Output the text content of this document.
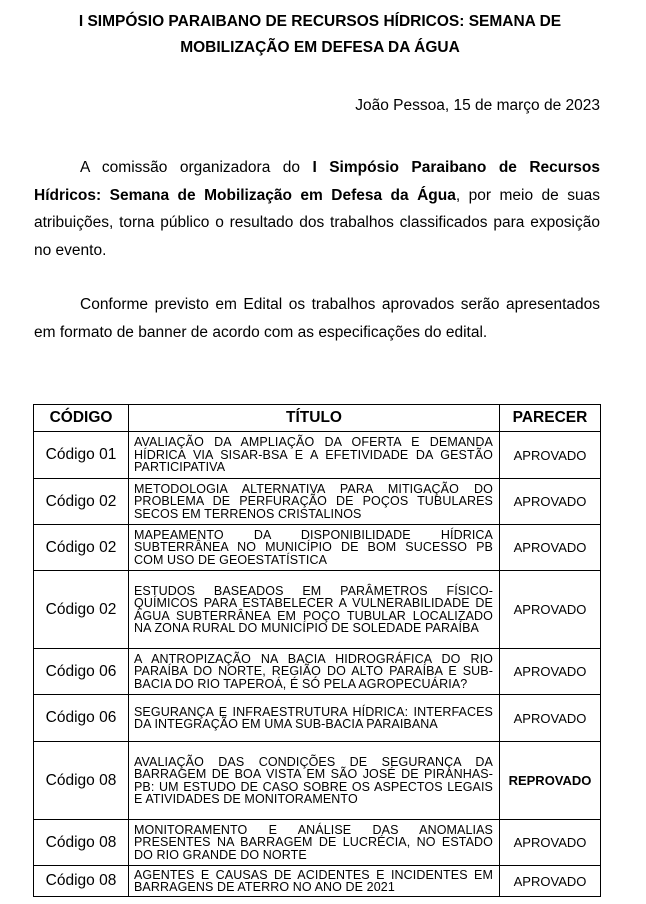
I SIMPÓSIO PARAIBANO DE RECURSOS HÍDRICOS: SEMANA DE
MOBILIZAÇÃO EM DEFESA DA ÁGUA
João Pessoa, 15 de março de 2023

A comissão organizadora do I Simpósio Paraibano de Recursos Hídricos: Semana de Mobilização em Defesa da Água, por meio de suas atribuições, torna público o resultado dos trabalhos classificados para exposição no evento.

Conforme previsto em Edital os trabalhos aprovados serão apresentados em formato de banner de acordo com as especificações do edital.

CÓDIGO	TÍTULO	PARECER
Código 01	AVALIAÇÃO DA AMPLIAÇÃO DA OFERTA E DEMANDA HÍDRICA VIA SISAR-BSA E A EFETIVIDADE DA GESTÃO PARTICIPATIVA	APROVADO
Código 02	METODOLOGIA ALTERNATIVA PARA MITIGAÇÃO DO PROBLEMA DE PERFURAÇÃO DE POÇOS TUBULARES SECOS EM TERRENOS CRISTALINOS	APROVADO
Código 02	MAPEAMENTO DA DISPONIBILIDADE HÍDRICA SUBTERRÂNEA NO MUNICÍPIO DE BOM SUCESSO PB COM USO DE GEOESTATÍSTICA	APROVADO
Código 02	ESTUDOS BASEADOS EM PARÂMETROS FÍSICO-QUÍMICOS PARA ESTABELECER A VULNERABILIDADE DE ÁGUA SUBTERRÂNEA EM POÇO TUBULAR LOCALIZADO NA ZONA RURAL DO MUNICÍPIO DE SOLEDADE PARAÍBA	APROVADO
Código 06	A ANTROPIZAÇÃO NA BACIA HIDROGRÁFICA DO RIO PARAÍBA DO NORTE, REGIÃO DO ALTO PARAÍBA E SUB-BACIA DO RIO TAPEROÁ, É SÓ PELA AGROPECUÁRIA?	APROVADO
Código 06	SEGURANÇA E INFRAESTRUTURA HÍDRICA: INTERFACES DA INTEGRAÇÃO EM UMA SUB-BACIA PARAIBANA	APROVADO
Código 08	AVALIAÇÃO DAS CONDIÇÕES DE SEGURANÇA DA BARRAGEM DE BOA VISTA EM SÃO JOSÉ DE PIRANHAS-PB: UM ESTUDO DE CASO SOBRE OS ASPECTOS LEGAIS E ATIVIDADES DE MONITORAMENTO	REPROVADO
Código 08	MONITORAMENTO E ANÁLISE DAS ANOMALIAS PRESENTES NA BARRAGEM DE LUCRÉCIA, NO ESTADO DO RIO GRANDE DO NORTE	APROVADO
Código 08	AGENTES E CAUSAS DE ACIDENTES E INCIDENTES EM BARRAGENS DE ATERRO NO ANO DE 2021	APROVADO
